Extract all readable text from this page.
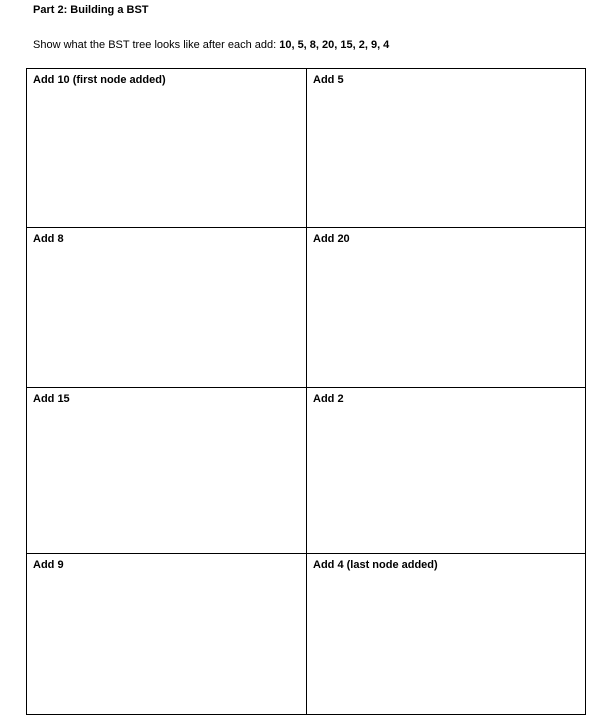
Part 2: Building a BST
Show what the BST tree looks like after each add: 10, 5, 8, 20, 15, 2, 9, 4
Add 10 (first node added)	Add 5
Add 8	Add 20
Add 15	Add 2
Add 9	Add 4 (last node added)
